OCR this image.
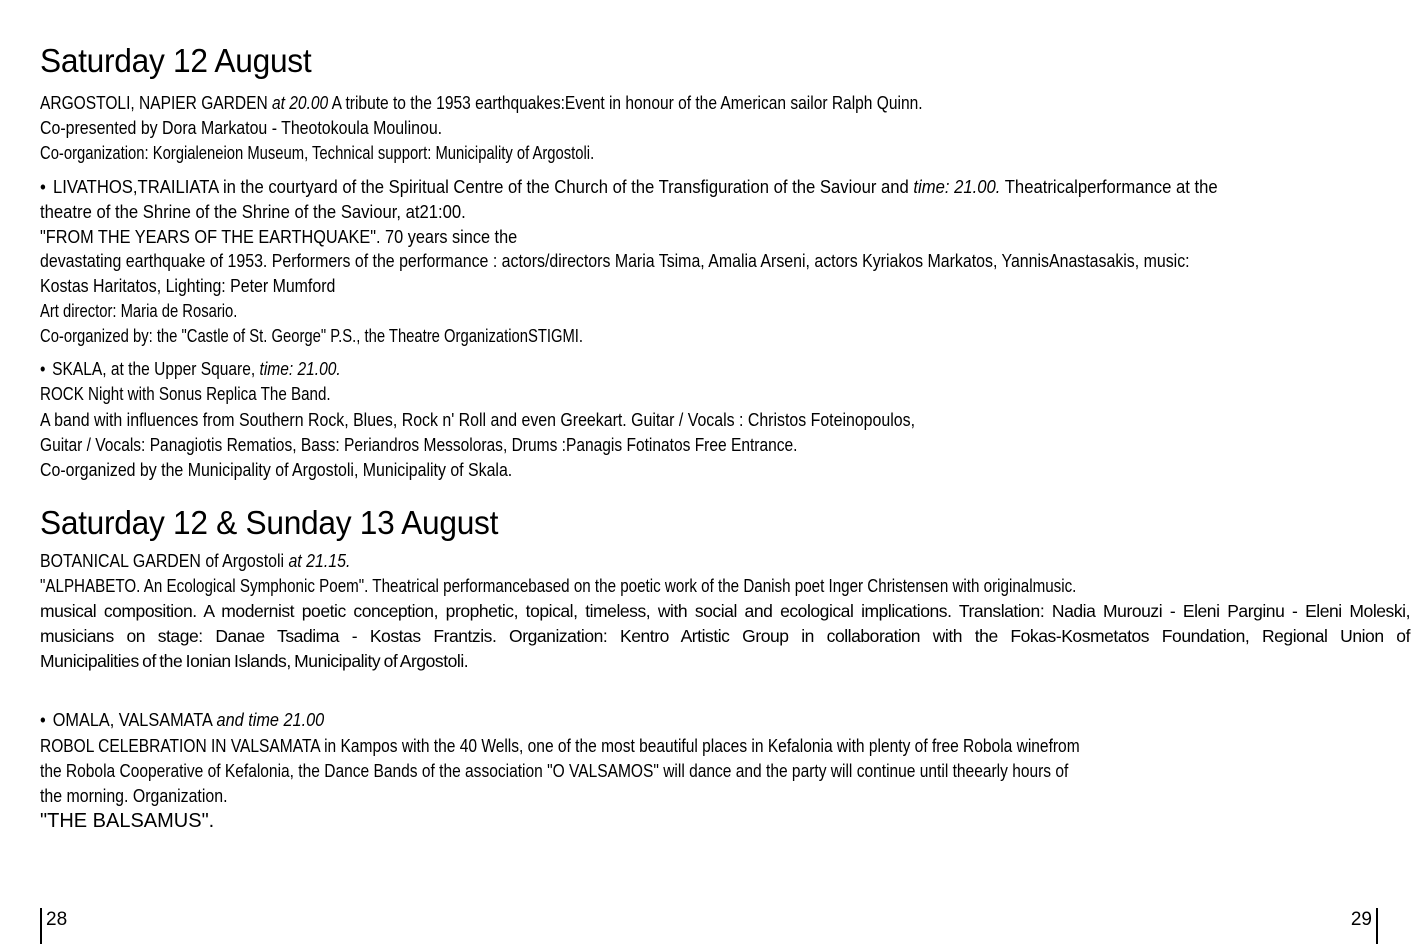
Saturday 12 August

ARGOSTOLI, NAPIER GARDEN at 20.00 A tribute to the 1953 earthquakes:Event in honour of the American sailor Ralph Quinn.

Co-presented by Dora Markatou - Theotokoula Moulinou.

Co-organization: Korgialeneion Museum, Technical support: Municipality of Argostoli.

• LIVATHOS,TRAILIATA in the courtyard of the Spiritual Centre of the Church of the Transfiguration of the Saviour and time: 21.00. Theatricalperformance at the

theatre of the Shrine of the Shrine of the Saviour, at21:00.

"FROM THE YEARS OF THE EARTHQUAKE". 70 years since the

devastating earthquake of 1953. Performers of the performance : actors/directors Maria Tsima, Amalia Arseni, actors Kyriakos Markatos, YannisAnastasakis, music:

Kostas Haritatos, Lighting: Peter Mumford

Art director: Maria de Rosario.

Co-organized by: the "Castle of St. George" P.S., the Theatre OrganizationSTIGMI.

• SKALA, at the Upper Square, time: 21.00.

ROCK Night with Sonus Replica The Band.

A band with influences from Southern Rock, Blues, Rock n' Roll and even Greekart. Guitar / Vocals : Christos Foteinopoulos,

Guitar / Vocals: Panagiotis Rematios, Bass: Periandros Messoloras, Drums :Panagis Fotinatos Free Entrance.

Co-organized by the Municipality of Argostoli, Municipality of Skala.

Saturday 12 & Sunday 13 August

BOTANICAL GARDEN of Argostoli at 21.15.

"ALPHABETO. An Ecological Symphonic Poem". Theatrical performancebased on the poetic work of the Danish poet Inger Christensen with originalmusic.

musical composition. A modernist poetic conception, prophetic, topical, timeless, with social and ecological implications. Translation: Nadia Murouzi - Eleni Parginu - Eleni Moleski,
musicians on stage: Danae Tsadima - Kostas Frantzis. Organization: Kentro Artistic Group in collaboration with the Fokas-Kosmetatos Foundation, Regional Union of
Municipalities of the Ionian Islands, Municipality of Argostoli.

• OMALA, VALSAMATA and time 21.00

ROBOL CELEBRATION IN VALSAMATA in Kampos with the 40 Wells, one of the most beautiful places in Kefalonia with plenty of free Robola winefrom

the Robola Cooperative of Kefalonia, the Dance Bands of the association "O VALSAMOS" will dance and the party will continue until theearly hours of

the morning. Organization.

"THE BALSAMUS".

28	29
